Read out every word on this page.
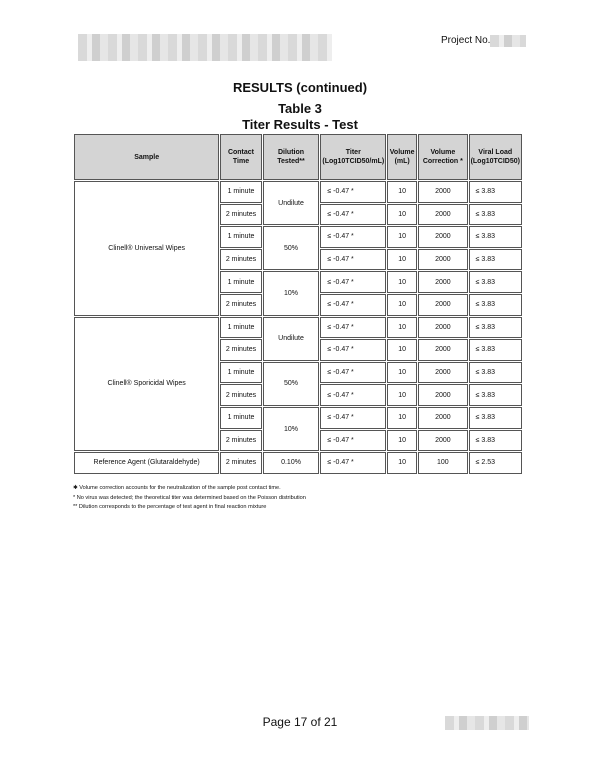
Project No.
RESULTS (continued)
Table 3
Titer Results - Test
Sample	Contact Time	Dilution Tested**	Titer (Log10TCID50/mL)	Volume (mL)	Volume Correction *	Viral Load (Log10TCID50)
Clinell® Universal Wipes	1 minute	Undilute	≤ -0.47 *	10	2000	≤ 3.83
	2 minutes		≤ -0.47 *	10	2000	≤ 3.83
	1 minute	50%	≤ -0.47 *	10	2000	≤ 3.83
	2 minutes		≤ -0.47 *	10	2000	≤ 3.83
	1 minute	10%	≤ -0.47 *	10	2000	≤ 3.83
	2 minutes		≤ -0.47 *	10	2000	≤ 3.83
Clinell® Sporicidal Wipes	1 minute	Undilute	≤ -0.47 *	10	2000	≤ 3.83
	2 minutes		≤ -0.47 *	10	2000	≤ 3.83
	1 minute	50%	≤ -0.47 *	10	2000	≤ 3.83
	2 minutes		≤ -0.47 *	10	2000	≤ 3.83
	1 minute	10%	≤ -0.47 *	10	2000	≤ 3.83
	2 minutes		≤ -0.47 *	10	2000	≤ 3.83
Reference Agent (Glutaraldehyde)	2 minutes	0.10%	≤ -0.47 *	10	100	≤ 2.53
✱ Volume correction accounts for the neutralization of the sample post contact time.
* No virus was detected; the theoretical titer was determined based on the Poisson distribution
** Dilution corresponds to the percentage of test agent in final reaction mixture
Page 17 of 21
